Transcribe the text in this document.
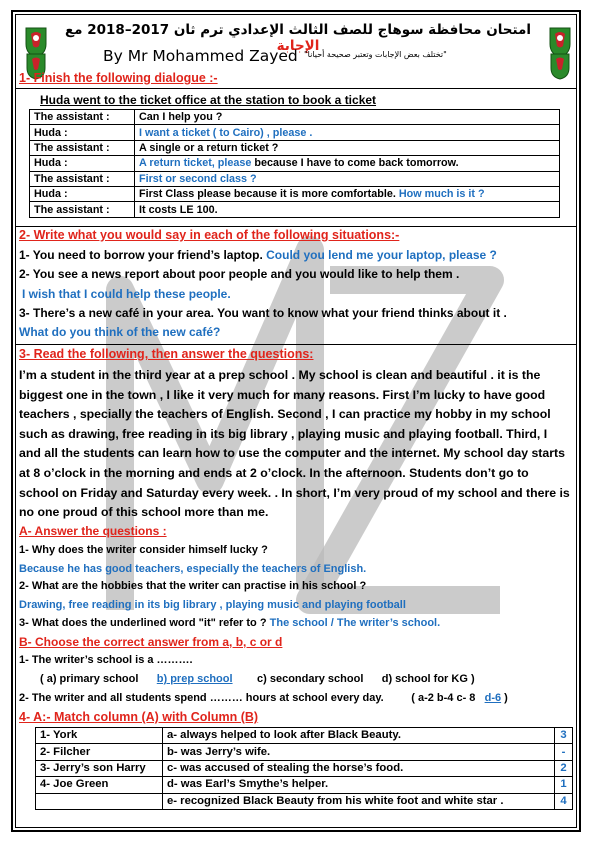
امتحان محافظة سوهاج للصف الثالث الإعدادي ترم ثان 2017–2018 مع الإجابة
By Mr Mohammed Zayed "تختلف بعض الإجابات وتعتبر صحيحة أحيانا"
1- Finish the following dialogue :-
Huda went to the ticket office at the station to book a ticket
The assistant :	Can I help you ?
Huda :	I want a ticket ( to Cairo) , please .
The assistant :	A single or a return ticket ?
Huda :	A return ticket, please because I have to come back tomorrow.
The assistant :	First or second class ?
Huda :	First Class please because it is more comfortable. How much is it ?
The assistant :	It costs LE 100.
2- Write what you would say in each of the following situations:-
1- You need to borrow your friend’s laptop. Could you lend me your laptop, please ?
2- You see a news report about poor people and you would like to help them .
I wish that I could help these people.
3- There’s a new café in your area. You want to know what your friend thinks about it .
What do you think of the new café?
3- Read the following, then answer the questions:
I’m a student in the third year at a prep school . My school is clean and beautiful . it is the biggest one in the town , I like it very much for many reasons. First I’m lucky to have good teachers , specially the teachers of English. Second , I can practice my hobby in my school such as drawing, free reading in its big library , playing music and playing football. Third, I and all the students can learn how to use the computer and the internet. My school day starts at 8 o’clock in the morning and ends at 2 o’clock. In the afternoon. Students don’t go to school on Friday and Saturday every week. . In short, I’m very proud of my school and there is no one proud of this school more than me.
A- Answer the questions :
1- Why does the writer consider himself lucky ?
Because he has good teachers, especially the teachers of English.
2- What are the hobbies that the writer can practise in his school ?
Drawing, free reading in its big library , playing music and playing football
3- What does the underlined word "it" refer to ? The school / The writer’s school.
B- Choose the correct answer from a, b, c or d
1- The writer’s school is a ……….
( a) primary school b) prep school c) secondary school d) school for KG )
2- The writer and all students spend ……… hours at school every day.	( a-2 b-4 c- 8 d-6 )
4- A:- Match column (A) with Column (B)
1- York	a- always helped to look after Black Beauty.	3
2- Filcher	b- was Jerry’s wife.	-
3- Jerry’s son Harry	c- was accused of stealing the horse’s food.	2
4- Joe Green	d- was Earl’s Smythe’s helper.	1
	e- recognized Black Beauty from his white foot and white star .	4
